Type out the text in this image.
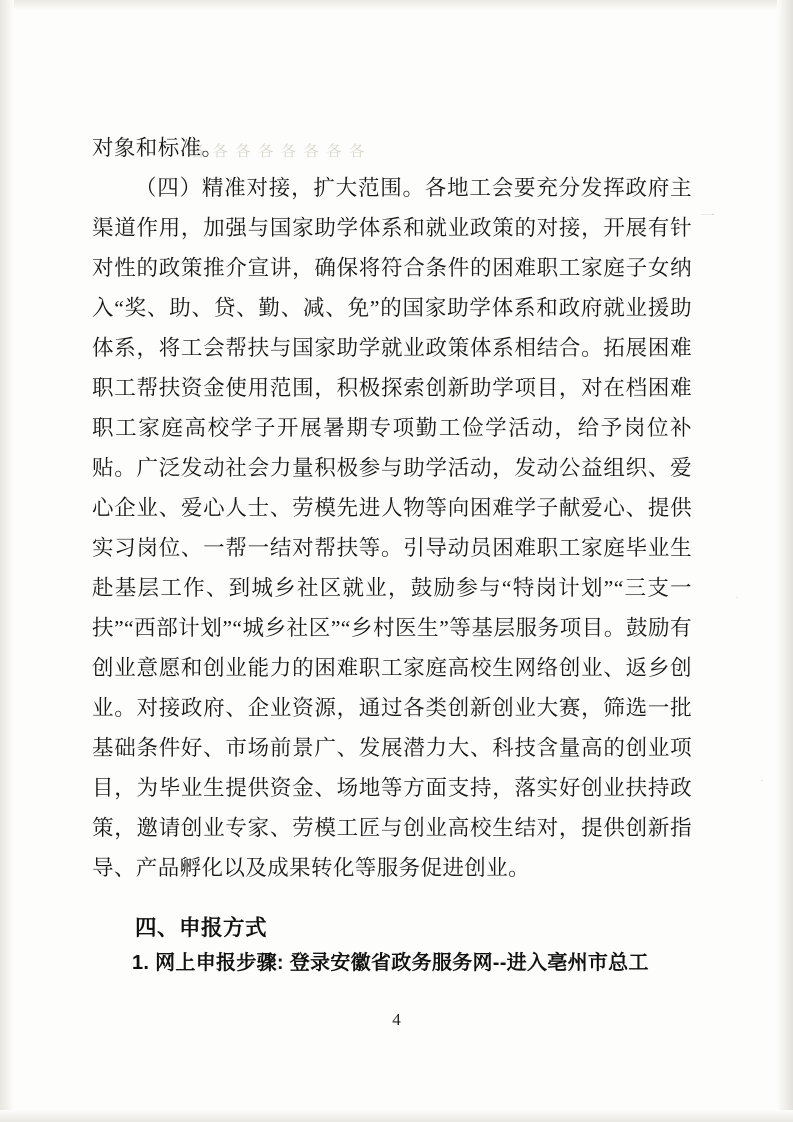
各 各 各 各 各 各 各 各
一
·
·

对象和标准。

（四）精准对接，扩大范围。各地工会要充分发挥政府主渠道作用，加强与国家助学体系和就业政策的对接，开展有针对性的政策推介宣讲，确保将符合条件的困难职工家庭子女纳入“奖、助、贷、勤、减、免”的国家助学体系和政府就业援助体系，将工会帮扶与国家助学就业政策体系相结合。拓展困难职工帮扶资金使用范围，积极探索创新助学项目，对在档困难职工家庭高校学子开展暑期专项勤工俭学活动，给予岗位补贴。广泛发动社会力量积极参与助学活动，发动公益组织、爱心企业、爱心人士、劳模先进人物等向困难学子献爱心、提供实习岗位、一帮一结对帮扶等。引导动员困难职工家庭毕业生赴基层工作、到城乡社区就业，鼓励参与“特岗计划”“三支一扶”“西部计划”“城乡社区”“乡村医生”等基层服务项目。鼓励有创业意愿和创业能力的困难职工家庭高校生网络创业、返乡创业。对接政府、企业资源，通过各类创新创业大赛，筛选一批基础条件好、市场前景广、发展潜力大、科技含量高的创业项目，为毕业生提供资金、场地等方面支持，落实好创业扶持政策，邀请创业专家、劳模工匠与创业高校生结对，提供创新指导、产品孵化以及成果转化等服务促进创业。

四、申报方式
1. 网上申报步骤: 登录安徽省政务服务网--进入亳州市总工
4
